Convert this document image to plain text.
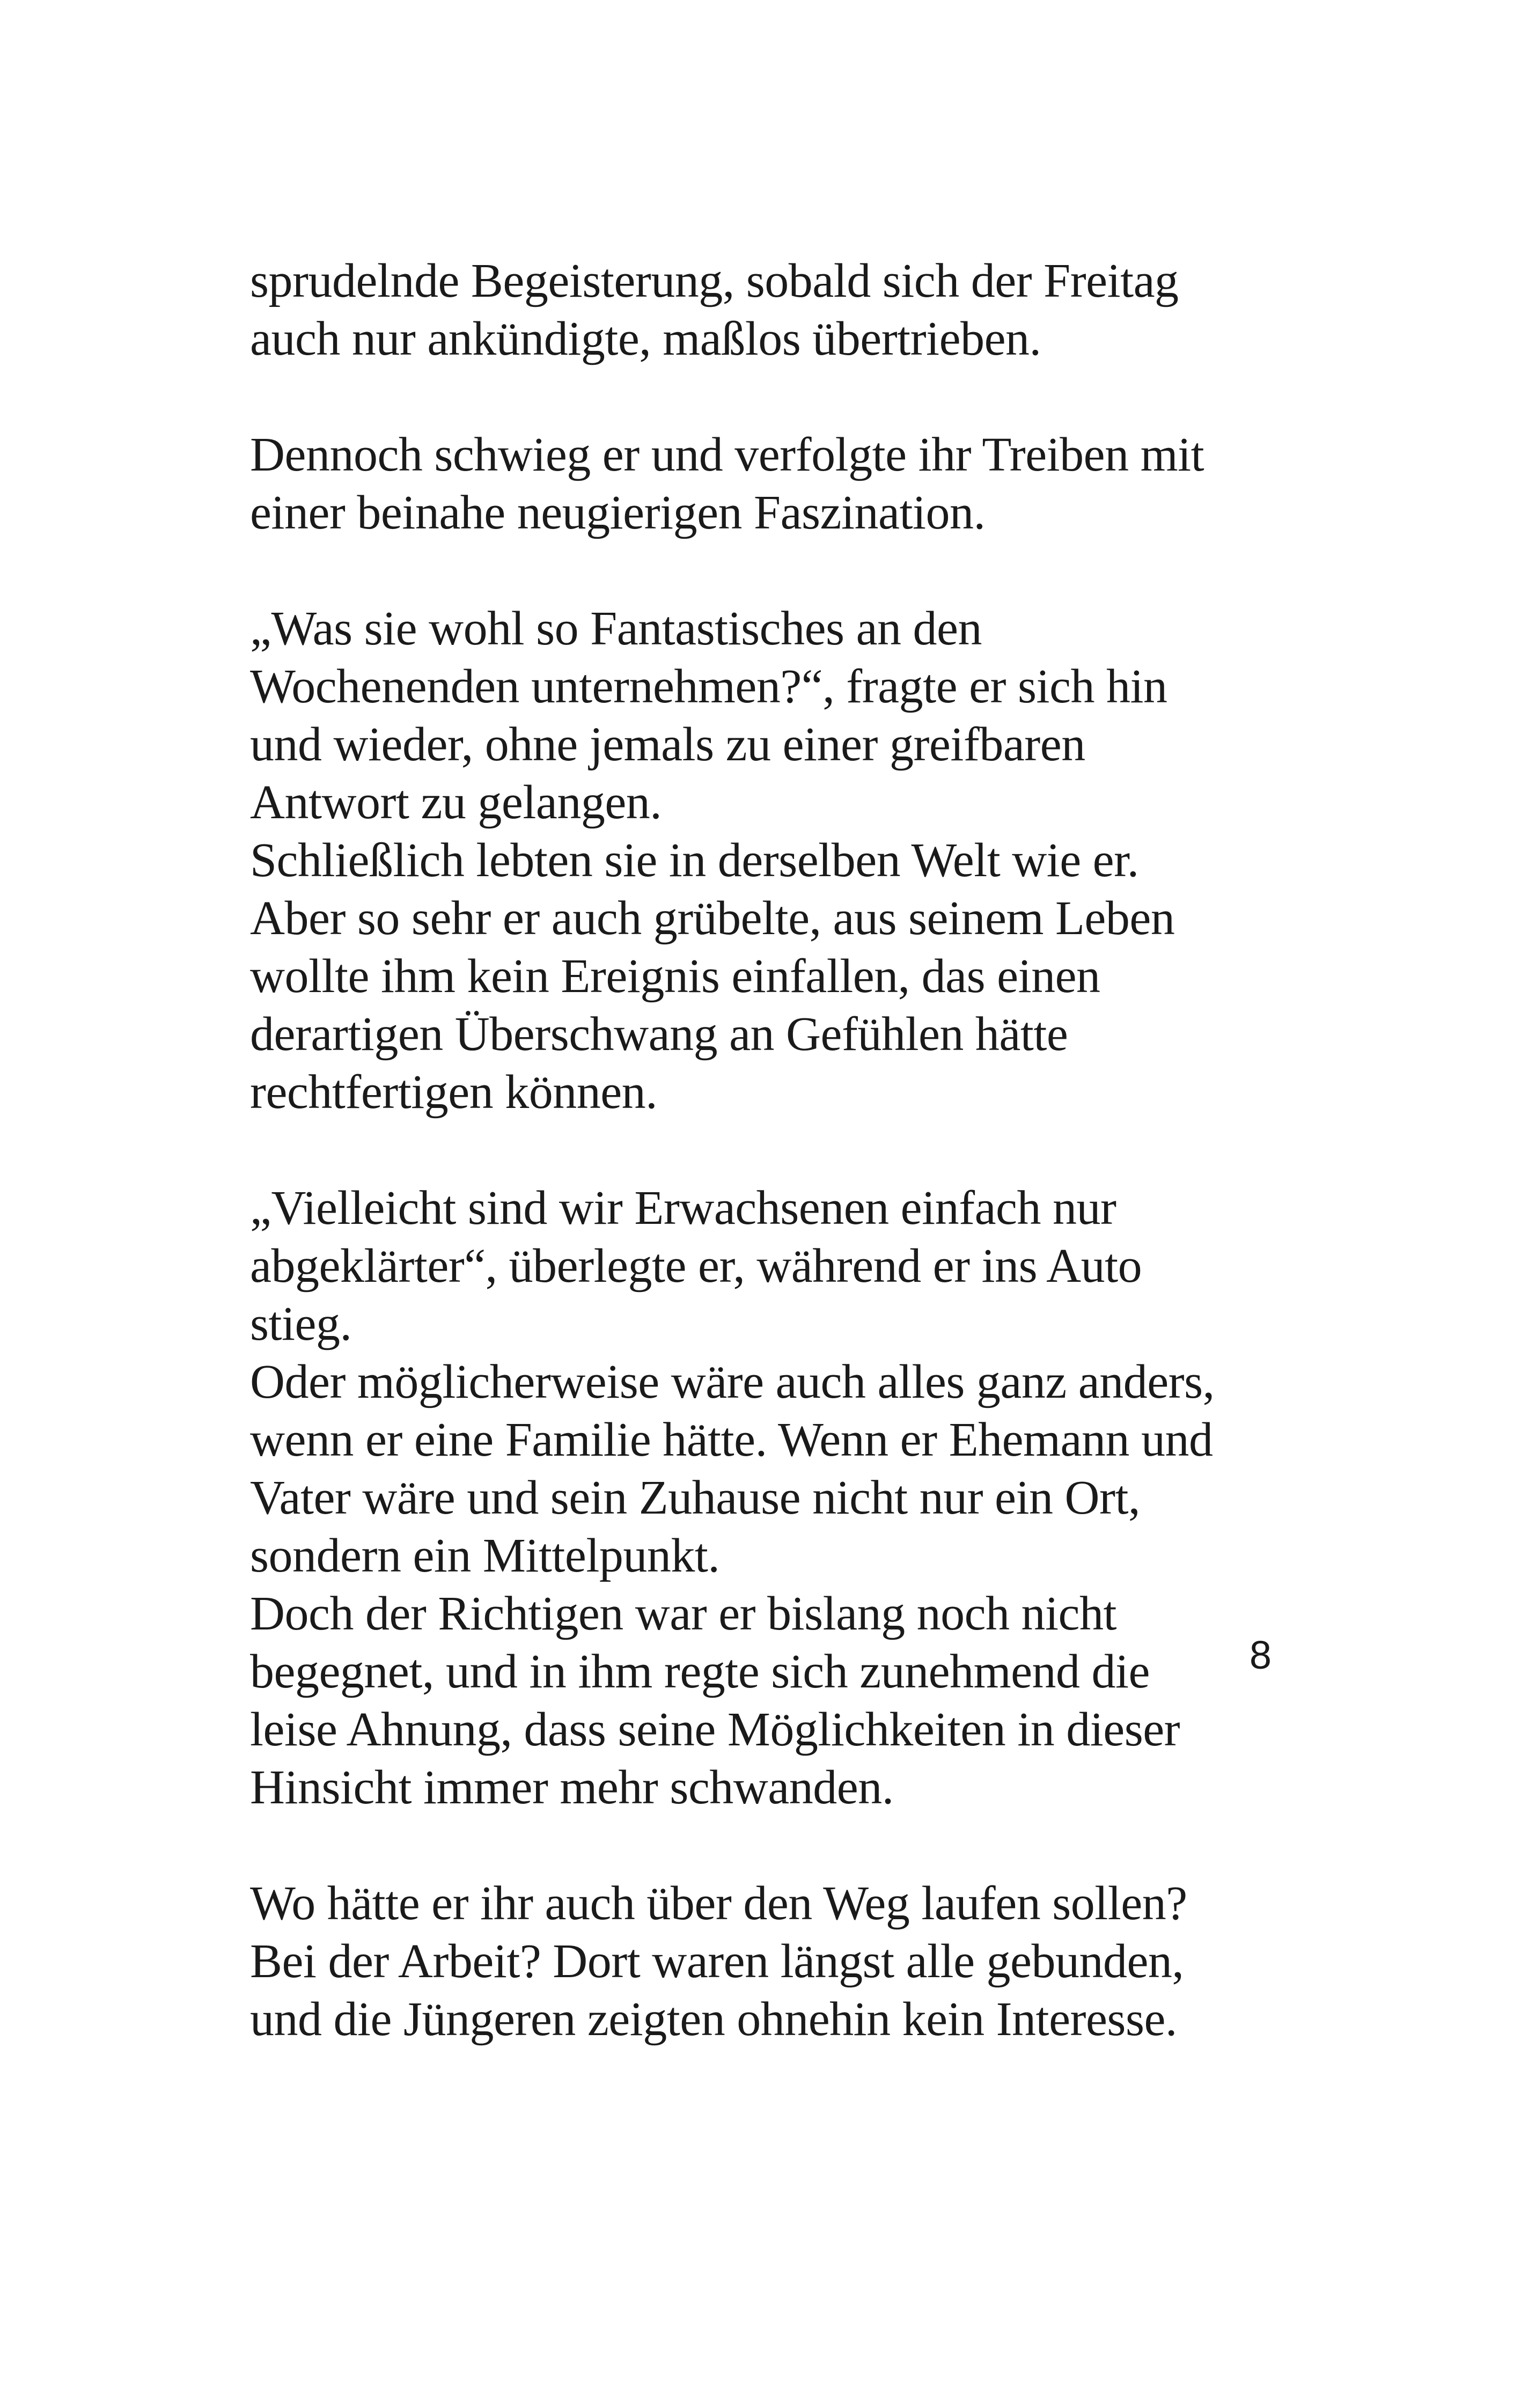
sprudelnde Begeisterung, sobald sich der Freitag
auch nur ankündigte, maßlos übertrieben.
Dennoch schwieg er und verfolgte ihr Treiben mit
einer beinahe neugierigen Faszination.
„Was sie wohl so Fantastisches an den
Wochenenden unternehmen?“, fragte er sich hin
und wieder, ohne jemals zu einer greifbaren
Antwort zu gelangen.
Schließlich lebten sie in derselben Welt wie er.
Aber so sehr er auch grübelte, aus seinem Leben
wollte ihm kein Ereignis einfallen, das einen
derartigen Überschwang an Gefühlen hätte
rechtfertigen können.
„Vielleicht sind wir Erwachsenen einfach nur
abgeklärter“, überlegte er, während er ins Auto
stieg.
Oder möglicherweise wäre auch alles ganz anders,
wenn er eine Familie hätte. Wenn er Ehemann und
Vater wäre und sein Zuhause nicht nur ein Ort,
sondern ein Mittelpunkt.
Doch der Richtigen war er bislang noch nicht
begegnet, und in ihm regte sich zunehmend die
leise Ahnung, dass seine Möglichkeiten in dieser
Hinsicht immer mehr schwanden.
Wo hätte er ihr auch über den Weg laufen sollen?
Bei der Arbeit? Dort waren längst alle gebunden,
und die Jüngeren zeigten ohnehin kein Interesse.
8
